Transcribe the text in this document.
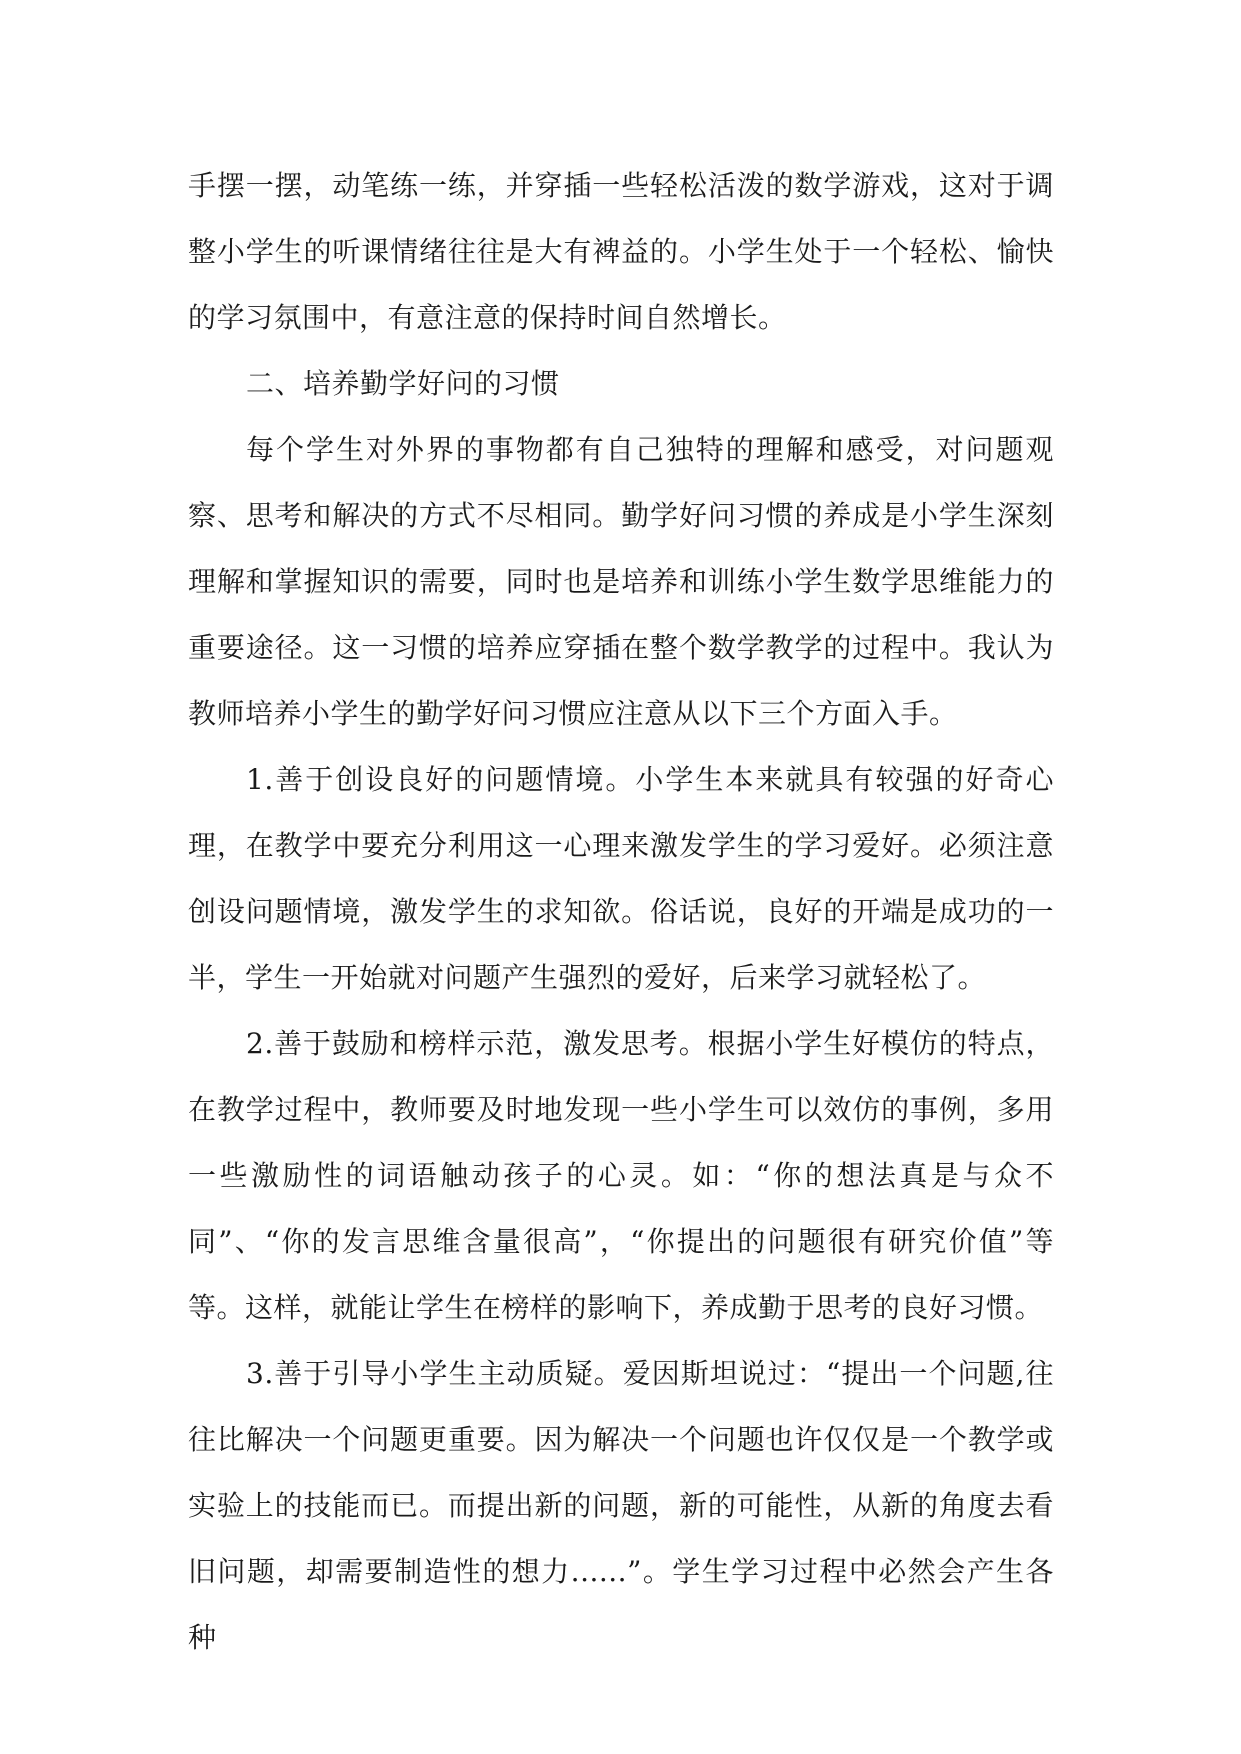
手摆一摆，动笔练一练，并穿插一些轻松活泼的数学游戏，这对于调整小学生的听课情绪往往是大有裨益的。小学生处于一个轻松、愉快的学习氛围中，有意注意的保持时间自然增长。

二、培养勤学好问的习惯

每个学生对外界的事物都有自己独特的理解和感受，对问题观察、思考和解决的方式不尽相同。勤学好问习惯的养成是小学生深刻理解和掌握知识的需要，同时也是培养和训练小学生数学思维能力的重要途径。这一习惯的培养应穿插在整个数学教学的过程中。我认为教师培养小学生的勤学好问习惯应注意从以下三个方面入手。

1.善于创设良好的问题情境。小学生本来就具有较强的好奇心理，在教学中要充分利用这一心理来激发学生的学习爱好。必须注意创设问题情境，激发学生的求知欲。俗话说，良好的开端是成功的一半，学生一开始就对问题产生强烈的爱好，后来学习就轻松了。

2.善于鼓励和榜样示范，激发思考。根据小学生好模仿的特点，在教学过程中，教师要及时地发现一些小学生可以效仿的事例，多用一些激励性的词语触动孩子的心灵。如：“你的想法真是与众不同”、“你的发言思维含量很高”，“你提出的问题很有研究价值”等等。这样，就能让学生在榜样的影响下，养成勤于思考的良好习惯。

3.善于引导小学生主动质疑。爱因斯坦说过：“提出一个问题,往往比解决一个问题更重要。因为解决一个问题也许仅仅是一个教学或实验上的技能而已。而提出新的问题，新的可能性，从新的角度去看旧问题，却需要制造性的想力......”。学生学习过程中必然会产生各种
